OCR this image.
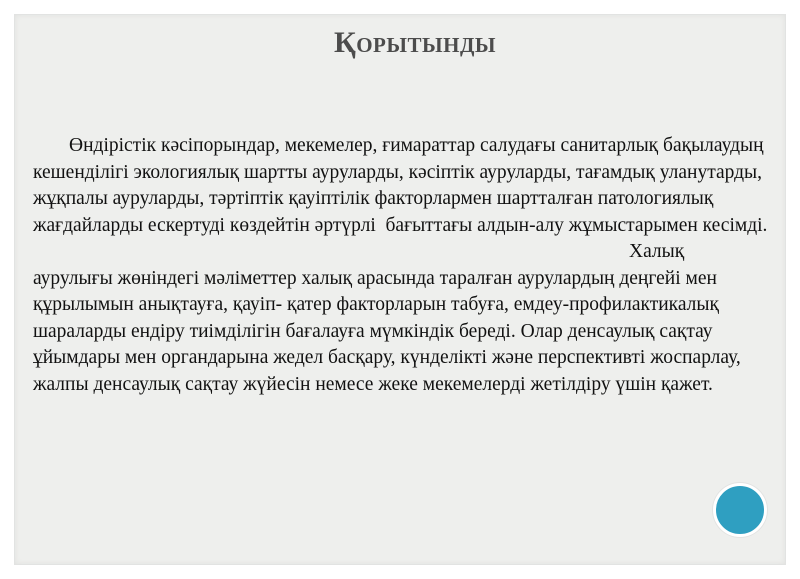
Қорытынды

Өндірістік кәсіпорындар, мекемелер, ғимараттар салудағы санитарлық бақылаудың кешенділігі экологиялық шартты ауруларды, кәсіптік ауруларды, тағамдық уланутарды, жұқпалы ауруларды, тәртіптік қауіптілік факторлармен шартталған патологиялық жағдайларды ескертуді көздейтін әртүрлі  бағыттағы алдын-алу жұмыстарымен кесімді.

Халық

аурулығы жөніндегі мәліметтер халық арасында таралған аурулардың деңгейі мен құрылымын анықтауға, қауіп- қатер факторларын табуға, емдеу-профилактикалық шараларды ендіру тиімділігін бағалауға мүмкіндік береді. Олар денсаулық сақтау ұйымдары мен органдарына жедел басқару, күнделікті және перспективті жоспарлау, жалпы денсаулық сақтау жүйесін немесе жеке мекемелерді жетілдіру үшін қажет.
